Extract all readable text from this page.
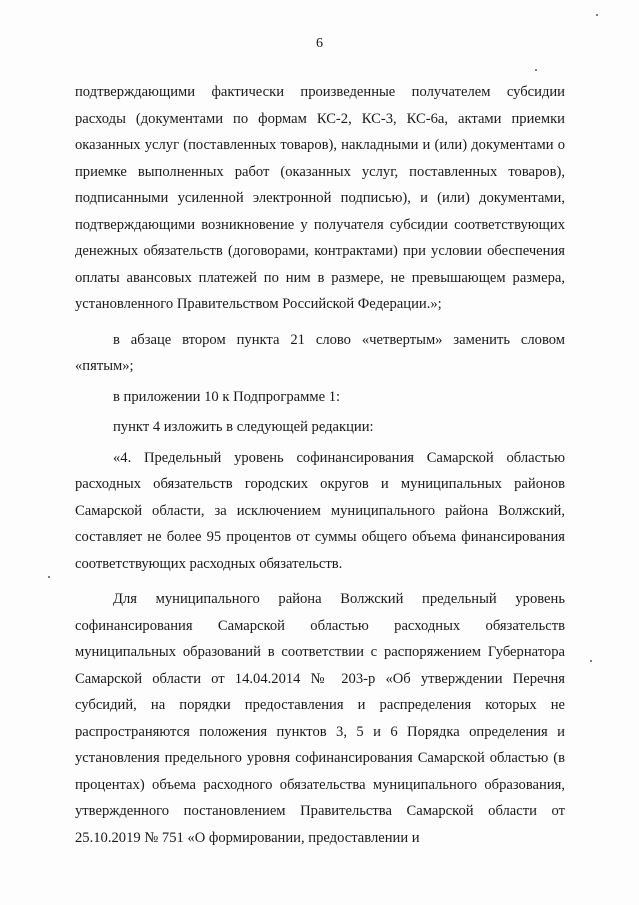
6

подтверждающими фактически произведенные получателем субсидии расходы (документами по формам КС-2, КС-3, КС-6а, актами приемки оказанных услуг (поставленных товаров), накладными и (или) документами о приемке выполненных работ (оказанных услуг, поставленных товаров), подписанными усиленной электронной подписью), и (или) документами, подтверждающими возникновение у получателя субсидии соответствующих денежных обязательств (договорами, контрактами) при условии обеспечения оплаты авансовых платежей по ним в размере, не превышающем размера, установленного Правительством Российской Федерации.»;

в абзаце втором пункта 21 слово «четвертым» заменить словом «пятым»;

в приложении 10 к Подпрограмме 1:

пункт 4 изложить в следующей редакции:

«4. Предельный уровень софинансирования Самарской областью расходных обязательств городских округов и муниципальных районов Самарской области, за исключением муниципального района Волжский, составляет не более 95 процентов от суммы общего объема финансирования соответствующих расходных обязательств.

Для муниципального района Волжский предельный уровень софинансирования Самарской областью расходных обязательств муниципальных образований в соответствии с распоряжением Губернатора Самарской области от 14.04.2014 № 203-р «Об утверждении Перечня субсидий, на порядки предоставления и распределения которых не распространяются положения пунктов 3, 5 и 6 Порядка определения и установления предельного уровня софинансирования Самарской областью (в процентах) объема расходного обязательства муниципального образования, утвержденного постановлением Правительства Самарской области от 25.10.2019 № 751 «О формировании, предоставлении и
